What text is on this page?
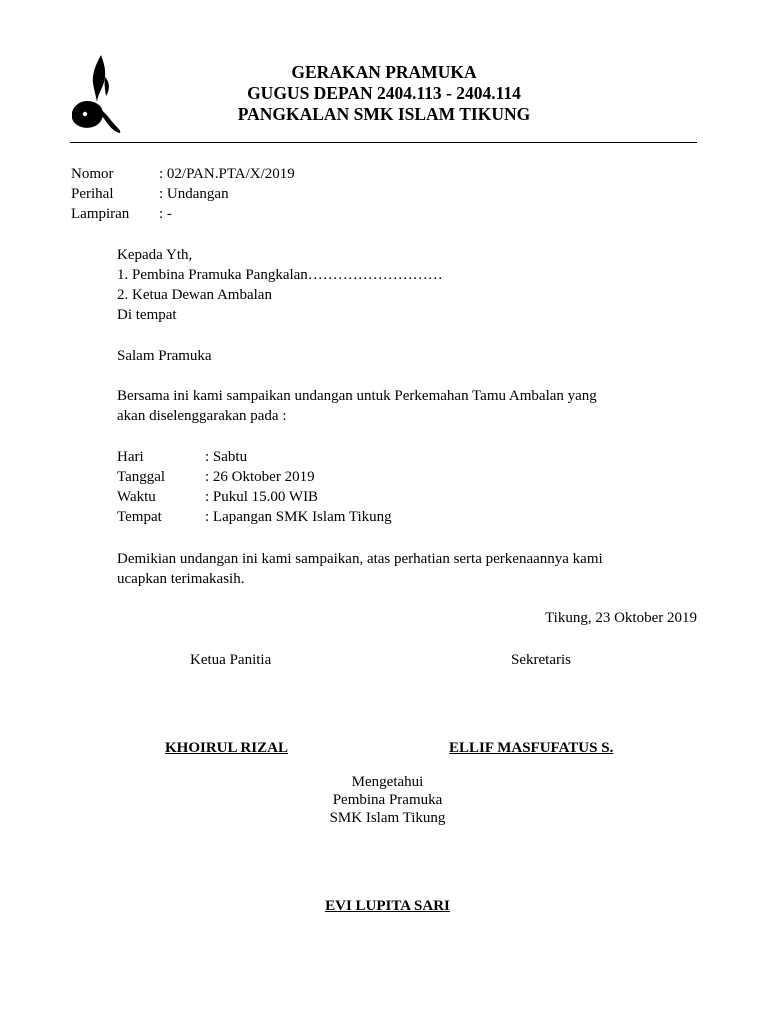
GERAKAN PRAMUKA
GUGUS DEPAN 2404.113 - 2404.114
PANGKALAN SMK ISLAM TIKUNG
Nomor	: 02/PAN.PTA/X/2019
Perihal	: Undangan
Lampiran	: -
Kepada Yth,
1. Pembina Pramuka Pangkalan………………………
2. Ketua Dewan Ambalan
Di tempat
Salam Pramuka
Bersama ini kami sampaikan undangan untuk Perkemahan Tamu Ambalan yang
akan diselenggarakan pada :
Hari	: Sabtu
Tanggal	: 26 Oktober 2019
Waktu	: Pukul 15.00 WIB
Tempat	: Lapangan SMK Islam Tikung
Demikian undangan ini kami sampaikan, atas perhatian serta perkenaannya kami
ucapkan terimakasih.
Tikung, 23 Oktober 2019
Ketua Panitia	Sekretaris
KHOIRUL RIZAL	ELLIF MASFUFATUS S.
Mengetahui
Pembina Pramuka
SMK Islam Tikung
EVI LUPITA SARI
